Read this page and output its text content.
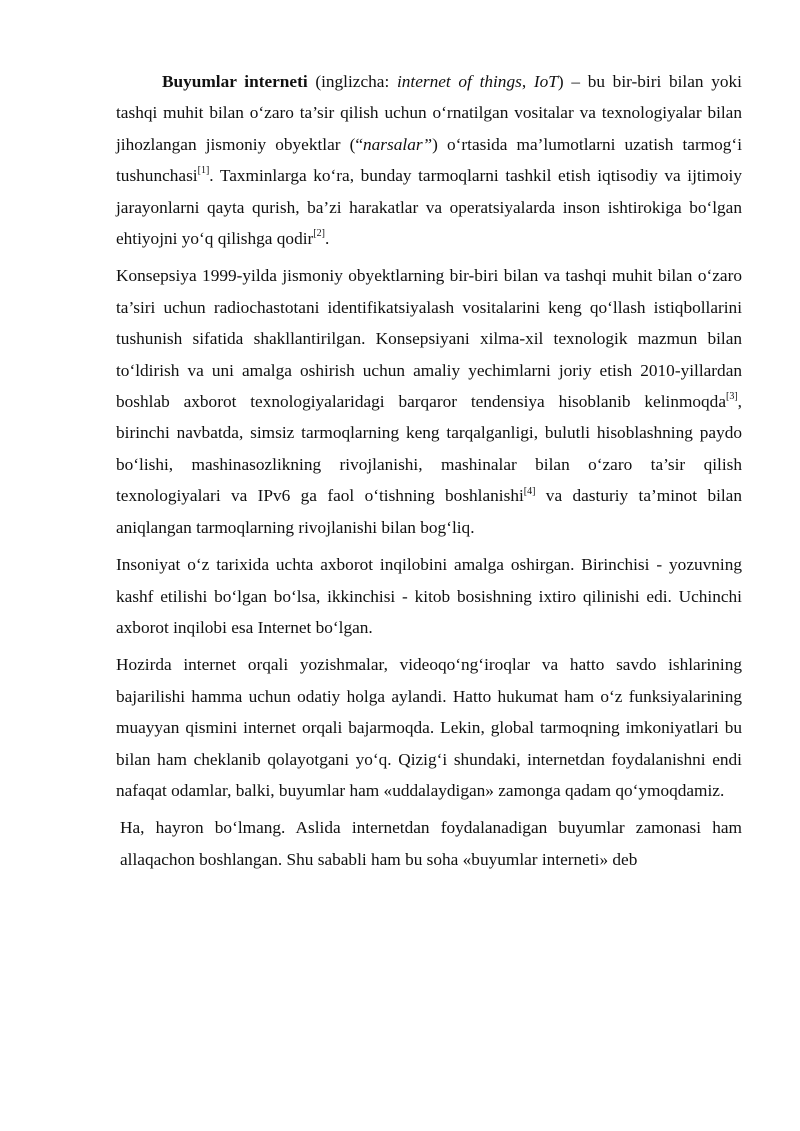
Buyumlar interneti (inglizcha: internet of things, IoT) – bu bir-biri bilan yoki tashqi muhit bilan o‘zaro ta’sir qilish uchun o‘rnatilgan vositalar va texnologiyalar bilan jihozlangan jismoniy obyektlar (“narsalar”) o‘rtasida ma’lumotlarni uzatish tarmog‘i tushunchasi[1]. Taxminlarga ko‘ra, bunday tarmoqlarni tashkil etish iqtisodiy va ijtimoiy jarayonlarni qayta qurish, ba’zi harakatlar va operatsiyalarda inson ishtirokiga bo‘lgan ehtiyojni yo‘q qilishga qodir[2].

Konsepsiya 1999-yilda jismoniy obyektlarning bir-biri bilan va tashqi muhit bilan o‘zaro ta’siri uchun radiochastotani identifikatsiyalash vositalarini keng qo‘llash istiqbollarini tushunish sifatida shakllantirilgan. Konsepsiyani xilma-xil texnologik mazmun bilan to‘ldirish va uni amalga oshirish uchun amaliy yechimlarni joriy etish 2010-yillardan boshlab axborot texnologiyalaridagi barqaror tendensiya hisoblanib kelinmoqda[3], birinchi navbatda, simsiz tarmoqlarning keng tarqalganligi, bulutli hisoblashning paydo bo‘lishi, mashinasozlikning rivojlanishi, mashinalar bilan o‘zaro ta’sir qilish texnologiyalari va IPv6 ga faol o‘tishning boshlanishi[4] va dasturiy ta’minot bilan aniqlangan tarmoqlarning rivojlanishi bilan bog‘liq.

Insoniyat o‘z tarixida uchta axborot inqilobini amalga oshirgan. Birinchisi - yozuvning kashf etilishi bo‘lgan bo‘lsa, ikkinchisi - kitob bosishning ixtiro qilinishi edi. Uchinchi axborot inqilobi esa Internet bo‘lgan.

Hozirda internet orqali yozishmalar, videoqo‘ng‘iroqlar va hatto savdo ishlarining bajarilishi hamma uchun odatiy holga aylandi. Hatto hukumat ham o‘z funksiyalarining muayyan qismini internet orqali bajarmoqda. Lekin, global tarmoqning imkoniyatlari bu bilan ham cheklanib qolayotgani yo‘q. Qizig‘i shundaki, internetdan foydalanishni endi nafaqat odamlar, balki, buyumlar ham «uddalaydigan» zamonga qadam qo‘ymoqdamiz.

Ha, hayron bo‘lmang. Aslida internetdan foydalanadigan buyumlar zamonasi ham allaqachon boshlangan. Shu sababli ham bu soha «buyumlar interneti» deb
